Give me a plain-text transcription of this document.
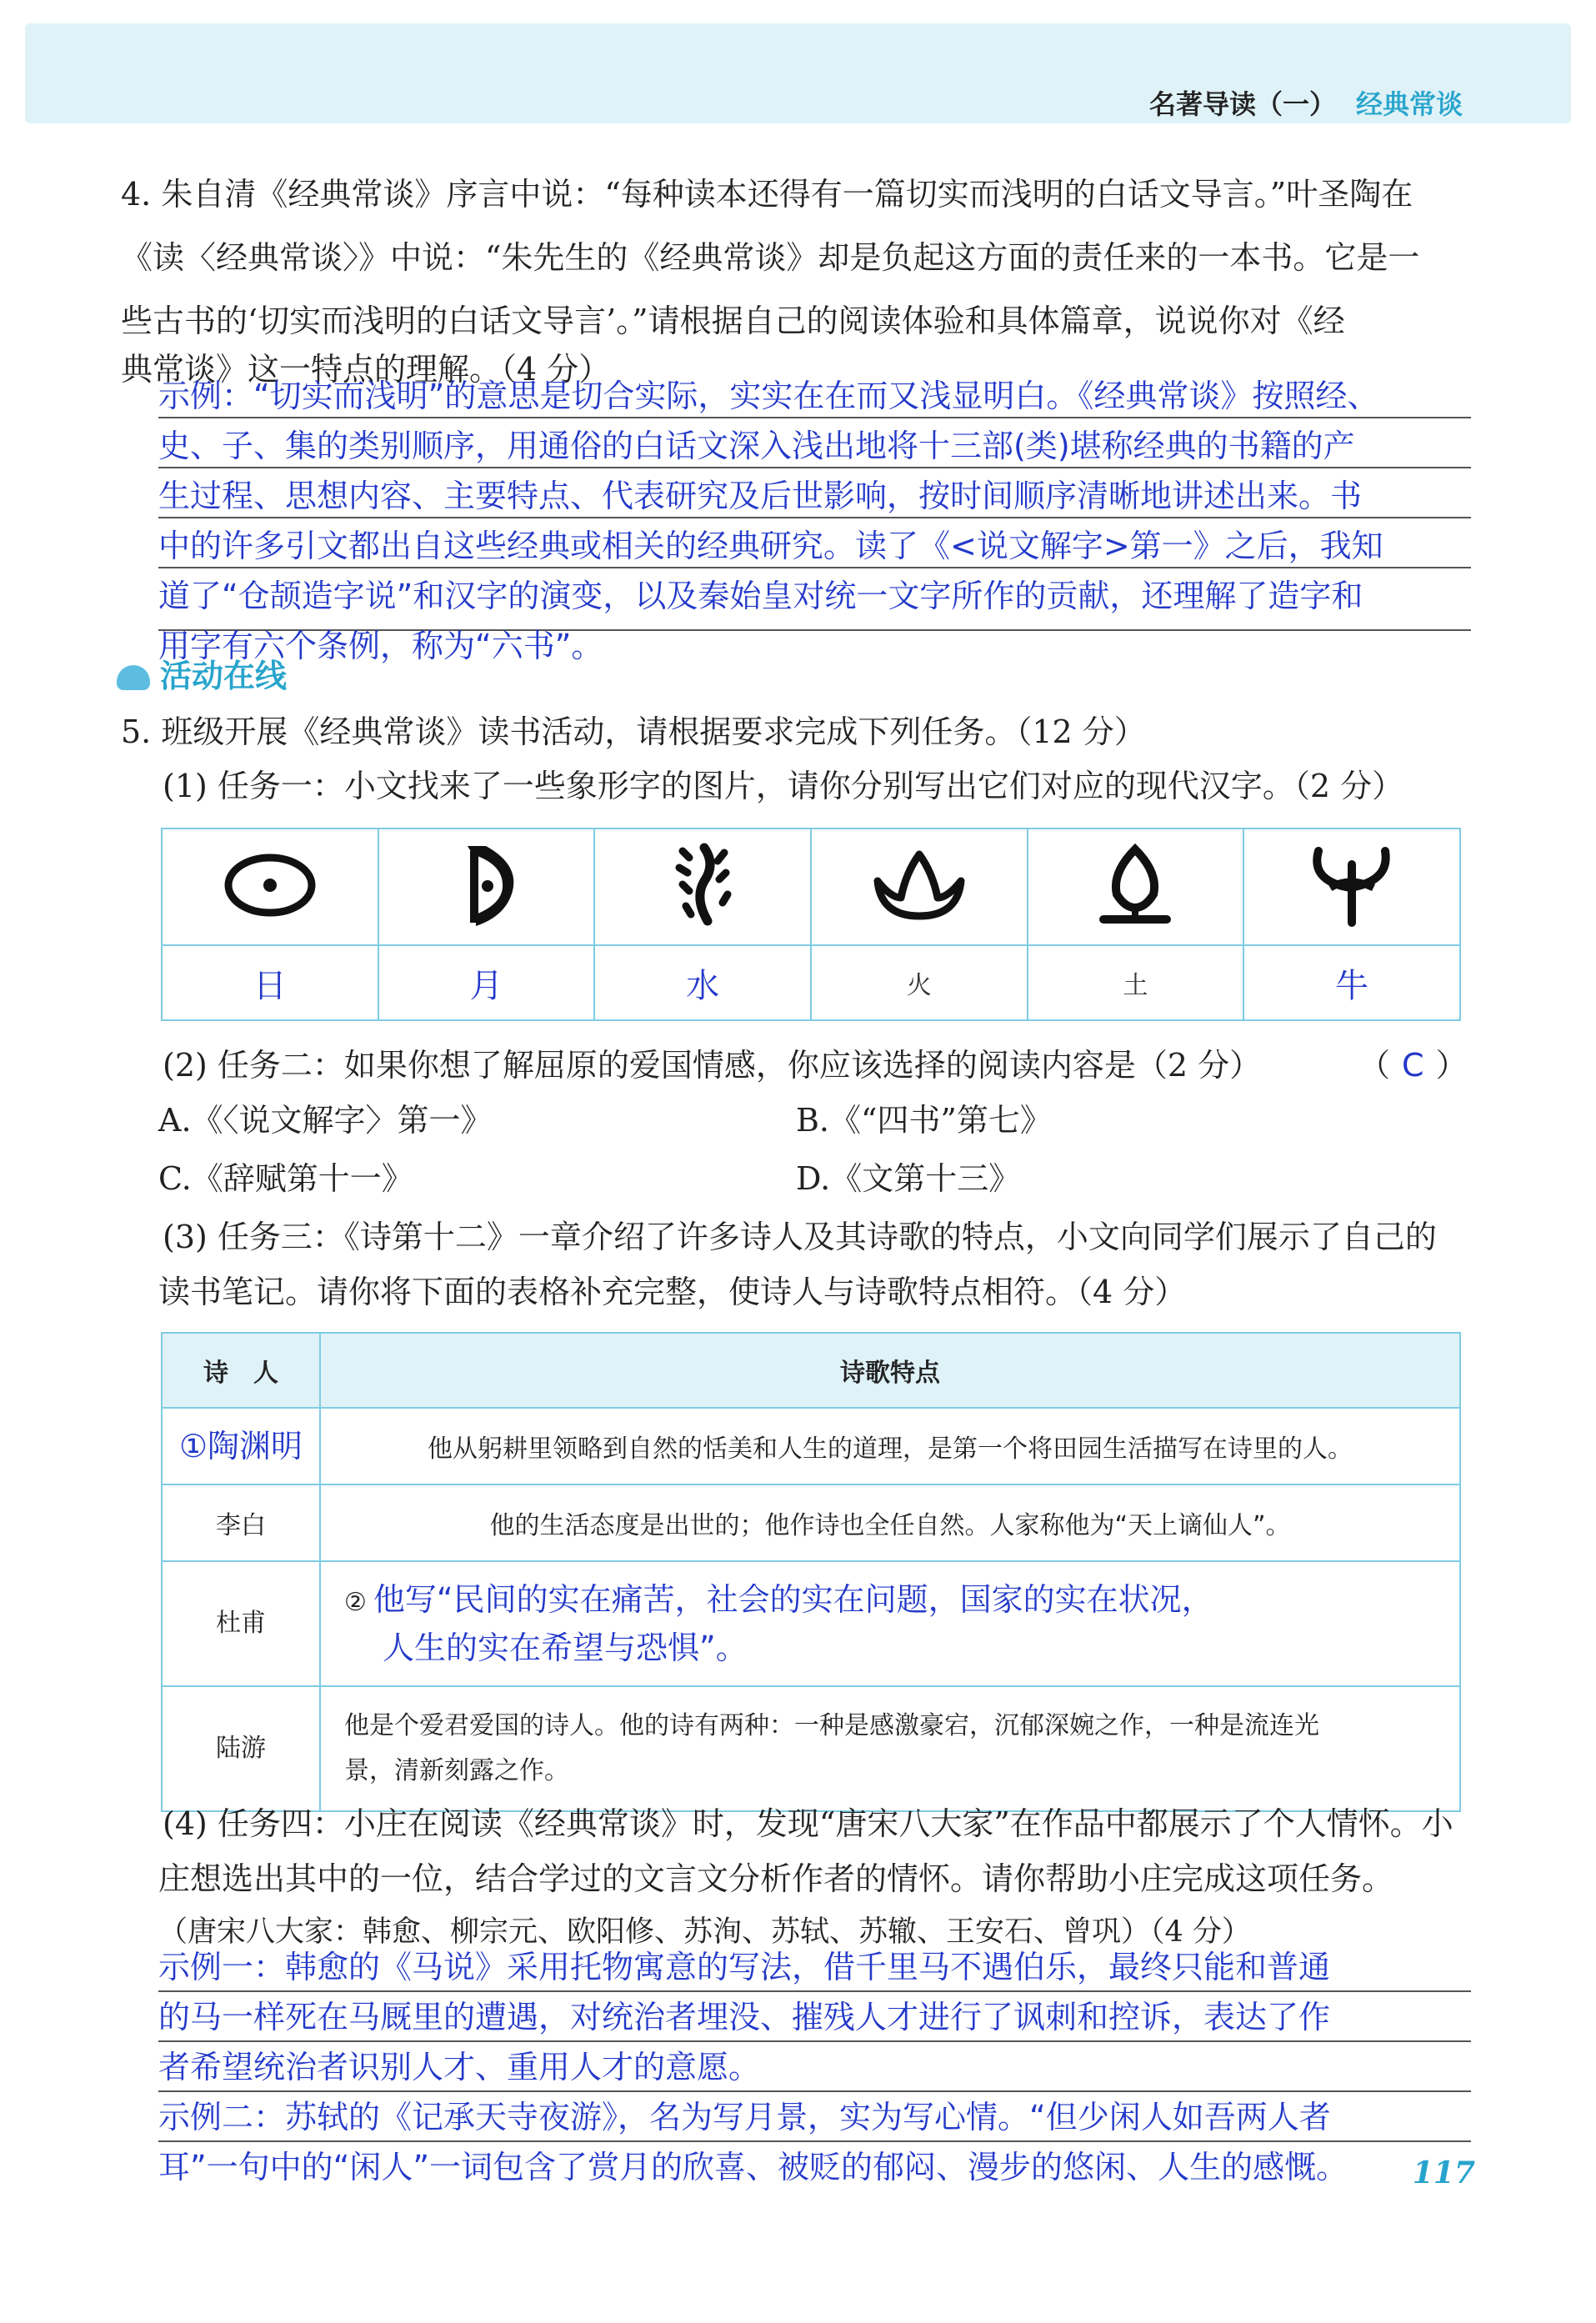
名著导读（一） 经典常谈
4. 朱自清《经典常谈》序言中说：“每种读本还得有一篇切实而浅明的白话文导言。”叶圣陶在
《读〈经典常谈〉》中说：“朱先生的《经典常谈》却是负起这方面的责任来的一本书。它是一
些古书的‘切实而浅明的白话文导言’。”请根据自己的阅读体验和具体篇章，说说你对《经
典常谈》这一特点的理解。（4 分）
示例：“切实而浅明”的意思是切合实际，实实在在而又浅显明白。《经典常谈》按照经、
史、子、集的类别顺序，用通俗的白话文深入浅出地将十三部(类)堪称经典的书籍的产
生过程、思想内容、主要特点、代表研究及后世影响，按时间顺序清晰地讲述出来。书
中的许多引文都出自这些经典或相关的经典研究。读了《<说文解字>第一》之后，我知
道了“仓颉造字说”和汉字的演变，以及秦始皇对统一文字所作的贡献，还理解了造字和
用字有六个条例，称为“六书”。
活动在线
5. 班级开展《经典常谈》读书活动，请根据要求完成下列任务。（12 分）
(1) 任务一：小文找来了一些象形字的图片，请你分别写出它们对应的现代汉字。（2 分）

日	月	水	火	土	牛
(2) 任务二：如果你想了解屈原的爱国情感，你应该选择的阅读内容是（2 分）	（ C ）
A.《〈说文解字〉第一》	B.《“四书”第七》
C.《辞赋第十一》	D.《文第十三》
(3) 任务三：《诗第十二》一章介绍了许多诗人及其诗歌的特点，小文向同学们展示了自己的
读书笔记。请你将下面的表格补充完整，使诗人与诗歌特点相符。（4 分）
诗　人	诗歌特点
①陶渊明	他从躬耕里领略到自然的恬美和人生的道理，是第一个将田园生活描写在诗里的人。
李白	他的生活态度是出世的；他作诗也全任自然。人家称他为“天上谪仙人”。
杜甫	② 他写“民间的实在痛苦，社会的实在问题，国家的实在状况，
人生的实在希望与恐惧”。
陆游	他是个爱君爱国的诗人。他的诗有两种：一种是感激豪宕，沉郁深婉之作，一种是流连光
景，清新刻露之作。
(4) 任务四：小庄在阅读《经典常谈》时，发现“唐宋八大家”在作品中都展示了个人情怀。小
庄想选出其中的一位，结合学过的文言文分析作者的情怀。请你帮助小庄完成这项任务。
（唐宋八大家：韩愈、柳宗元、欧阳修、苏洵、苏轼、苏辙、王安石、曾巩）（4 分）
示例一：韩愈的《马说》采用托物寓意的写法，借千里马不遇伯乐，最终只能和普通
的马一样死在马厩里的遭遇，对统治者埋没、摧残人才进行了讽刺和控诉，表达了作
者希望统治者识别人才、重用人才的意愿。
示例二：苏轼的《记承天寺夜游》，名为写月景，实为写心情。“但少闲人如吾两人者
耳”一句中的“闲人”一词包含了赏月的欣喜、被贬的郁闷、漫步的悠闲、人生的感慨。	117
